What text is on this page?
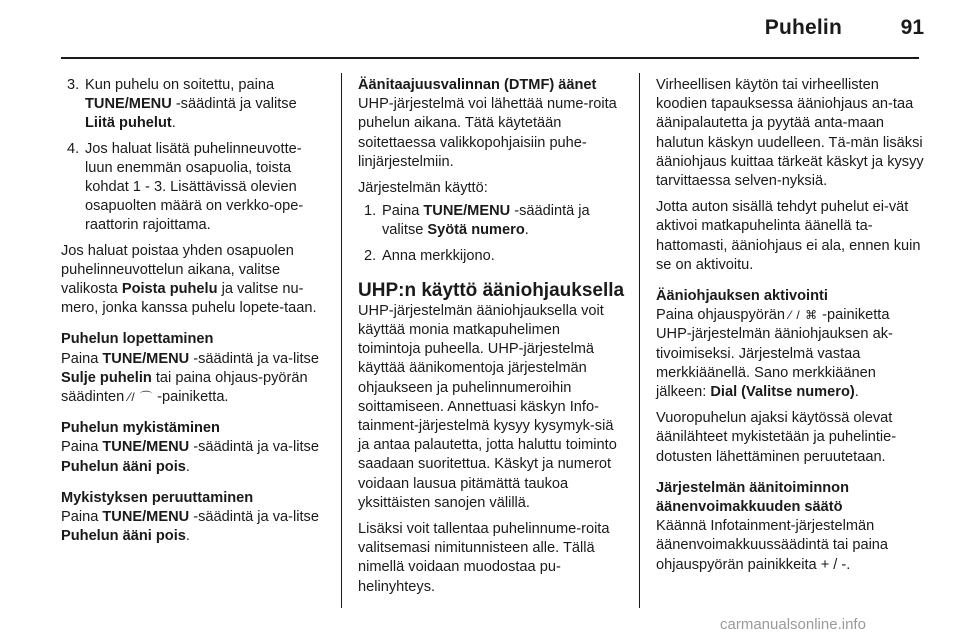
Puhelin	91
3. Kun puhelu on soitettu, paina TUNE/MENU -säädintä ja valitse Liitä puhelut.
4. Jos haluat lisätä puhelinneuvotte-luun enemmän osapuolia, toista kohdat 1 - 3. Lisättävissä olevien osapuolten määrä on verkko-ope-raattorin rajoittama.

Jos haluat poistaa yhden osapuolen puhelinneuvottelun aikana, valitse valikosta Poista puhelu ja valitse nu-mero, jonka kanssa puhelu lopete-taan.

Puhelun lopettaminen

Paina TUNE/MENU -säädintä ja va-litse Sulje puhelin tai paina ohjaus-pyörän säädinten ⁄/ ⌒ -painiketta.

Puhelun mykistäminen

Paina TUNE/MENU -säädintä ja va-litse Puhelun ääni pois.

Mykistyksen peruuttaminen

Paina TUNE/MENU -säädintä ja va-litse Puhelun ääni pois.

Äänitaajuusvalinnan (DTMF) äänet

UHP-järjestelmä voi lähettää nume-roita puhelun aikana. Tätä käytetään soitettaessa valikkopohjaisiin puhe-linjärjestelmiin.

Järjestelmän käyttö:

1. Paina TUNE/MENU -säädintä ja valitse Syötä numero.
2. Anna merkkijono.
UHP:n käyttö ääniohjauksella

UHP-järjestelmän ääniohjauksella voit käyttää monia matkapuhelimen toimintoja puheella. UHP-järjestelmä käyttää äänikomentoja järjestelmän ohjaukseen ja puhelinnumeroihin soittamiseen. Annettuasi käskyn Info-tainment-järjestelmä kysyy kysymyk-siä ja antaa palautetta, jotta haluttu toiminto saadaan suoritettua. Käskyt ja numerot voidaan lausua pitämättä taukoa yksittäisten sanojen välillä.

Lisäksi voit tallentaa puhelinnume-roita valitsemasi nimitunnisteen alle. Tällä nimellä voidaan muodostaa pu-helinyhteys.

Virheellisen käytön tai virheellisten koodien tapauksessa ääniohjaus an-taa äänipalautetta ja pyytää anta-maan halutun käskyn uudelleen. Tä-män lisäksi ääniohjaus kuittaa tärkeät käskyt ja kysyy tarvittaessa selven-nyksiä.

Jotta auton sisällä tehdyt puhelut ei-vät aktivoi matkapuhelinta äänellä ta-hattomasti, ääniohjaus ei ala, ennen kuin se on aktivoitu.

Ääniohjauksen aktivointi

Paina ohjauspyörän ⁄ / ⌘ -painiketta UHP-järjestelmän ääniohjauksen ak-tivoimiseksi. Järjestelmä vastaa merkkiäänellä. Sano merkkiäänen jälkeen: Dial (Valitse numero).

Vuoropuhelun ajaksi käytössä olevat äänilähteet mykistetään ja puhelintie-dotusten lähettäminen peruutetaan.

Järjestelmän äänitoiminnon äänenvoimakkuuden säätö

Käännä Infotainment-järjestelmän äänenvoimakkuussäädintä tai paina ohjauspyörän painikkeita + / -.

carmanualsonline.info
